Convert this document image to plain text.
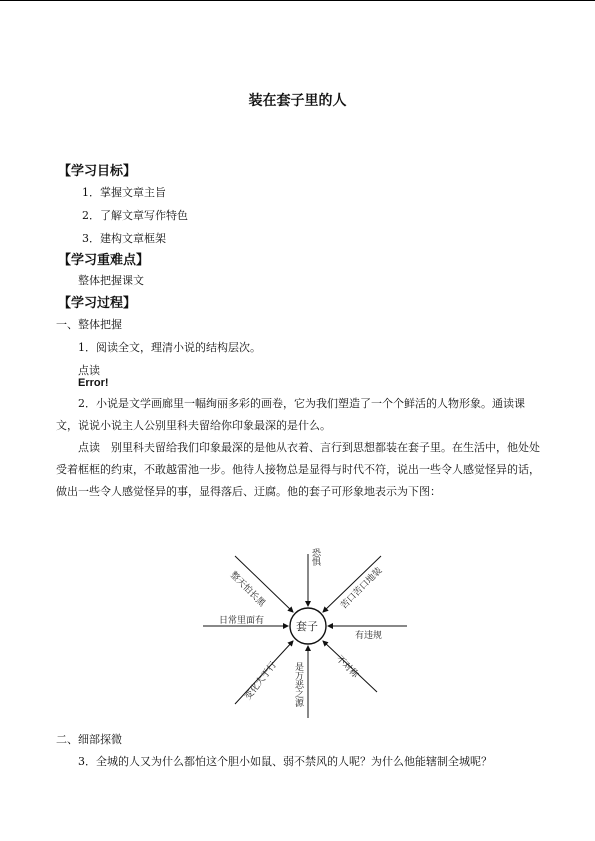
装在套子里的人
【学习目标】
1．掌握文章主旨
2．了解文章写作特色
3．建构文章框架
【学习重难点】
整体把握课文
【学习过程】
一、整体把握
1．阅读全文，理清小说的结构层次。
点读
Error!
2．小说是文学画廊里一幅绚丽多彩的画卷，它为我们塑造了一个个鲜活的人物形象。通读课文，说说小说主人公别里科夫留给你印象最深的是什么。
点读　别里科夫留给我们印象最深的是他从衣着、言行到思想都装在套子里。在生活中，他处处受着框框的约束，不敢越雷池一步。他待人接物总是显得与时代不符，说出一些令人感觉怪异的话，做出一些令人感觉怪异的事，显得落后、迂腐。他的套子可形象地表示为下图：
套子
恐惧
整天怕长黑	苦口苦口地装
日常里面有
有违规
变化大于行 是万恶之源	不对称
二、细部探微
3．全城的人又为什么都怕这个胆小如鼠、弱不禁风的人呢？为什么他能辖制全城呢？
